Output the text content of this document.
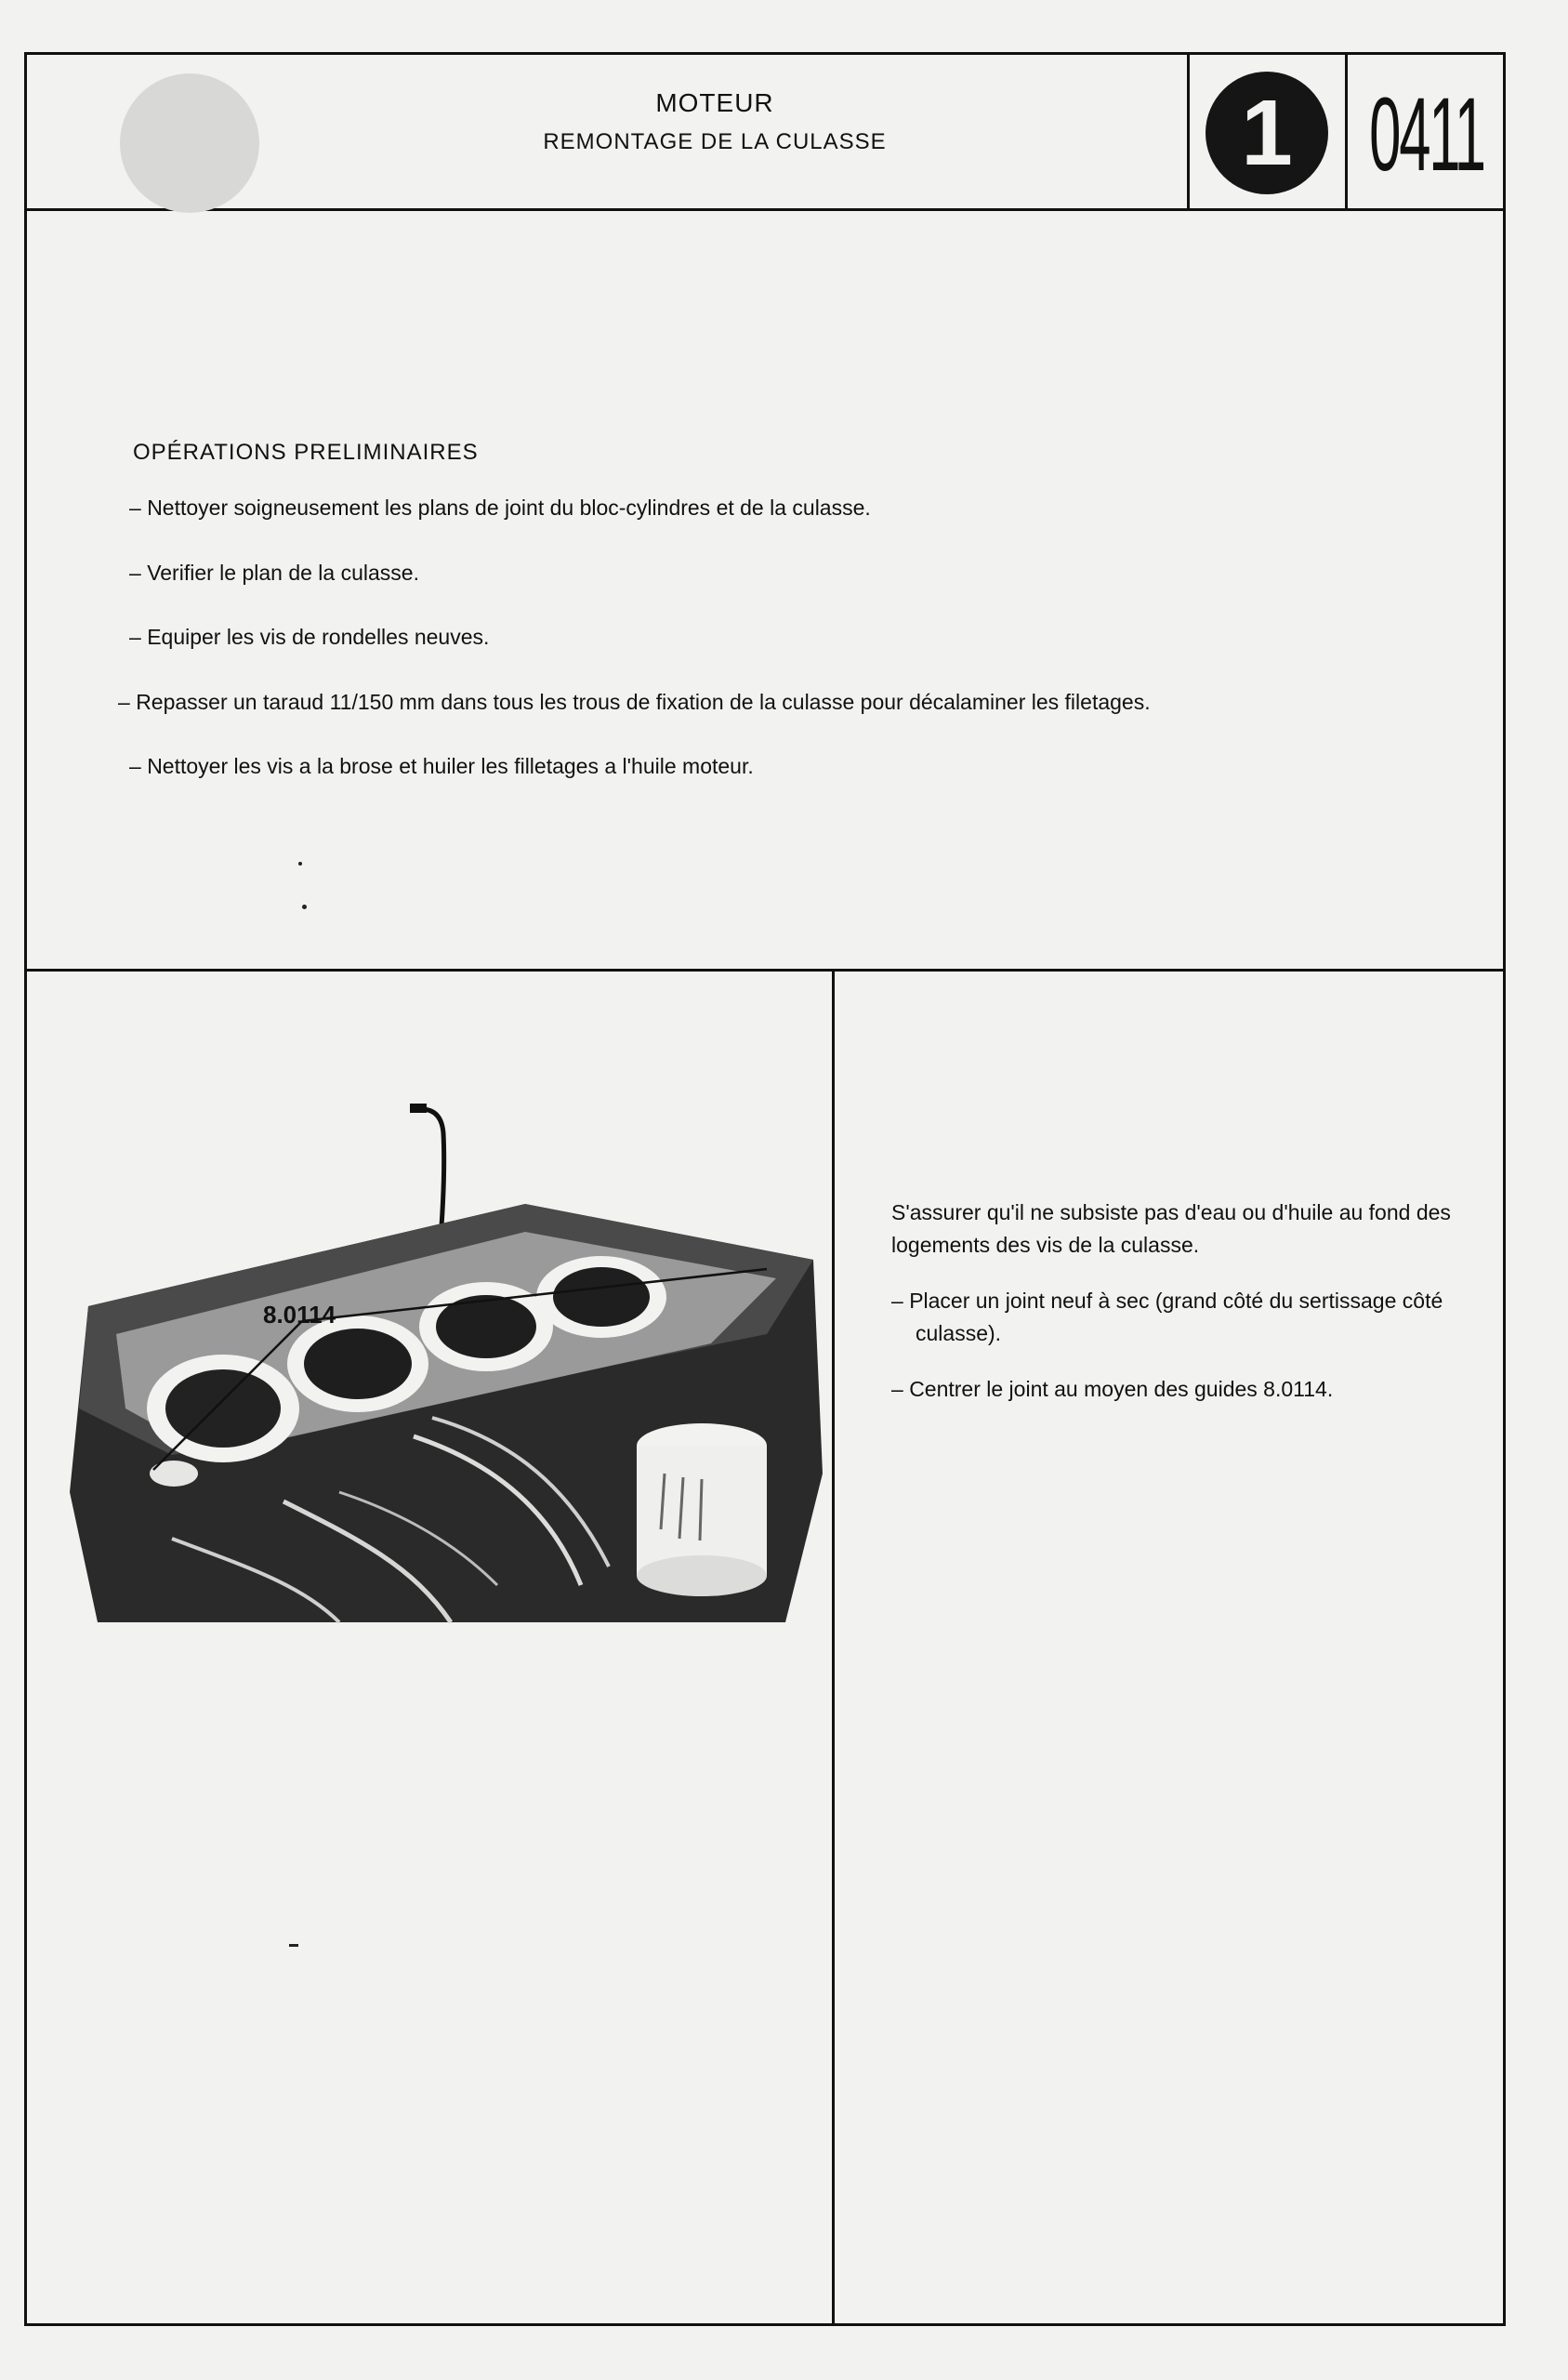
MOTEUR
REMONTAGE DE LA CULASSE	1 0411
OPÉRATIONS PRELIMINAIRES
– Nettoyer soigneusement les plans de joint du bloc-cylindres et de la culasse.
– Verifier le plan de la culasse.
– Equiper les vis de rondelles neuves.
– Repasser un taraud 11/150 mm dans tous les trous de fixation de la culasse pour décalaminer les filetages.
– Nettoyer les vis a la brose et huiler les filletages a l'huile moteur.
8.0114

S'assurer qu'il ne subsiste pas d'eau ou d'huile au fond des logements des vis de la culasse.

– Placer un joint neuf à sec (grand côté du sertissage côté culasse).

– Centrer le joint au moyen des guides 8.0114.
